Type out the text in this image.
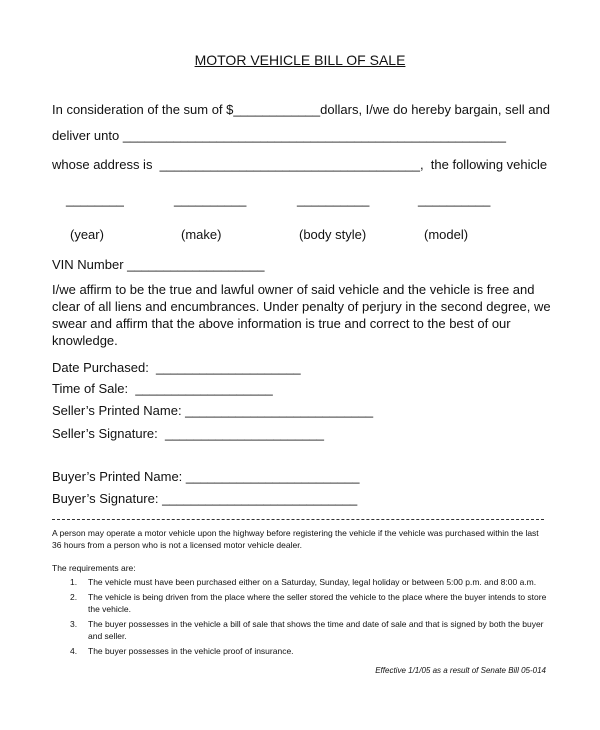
MOTOR VEHICLE BILL OF SALE
In consideration of the sum of $____________dollars, I/we do hereby bargain, sell and
deliver unto _____________________________________________________
whose address is  ____________________________________,  the following vehicle
________	__________	__________	__________
(year)	(make)	(body style)	(model)
VIN Number ___________________
I/we affirm to be the true and lawful owner of said vehicle and the vehicle is free and clear of all liens and encumbrances. Under penalty of perjury in the second degree, we swear and affirm that the above information is true and correct to the best of our knowledge.
Date Purchased:  ____________________
Time of Sale:  ___________________
Seller’s Printed Name: __________________________
Seller’s Signature:  ______________________
Buyer’s Printed Name: ________________________
Buyer’s Signature: ___________________________
A person may operate a motor vehicle upon the highway before registering the vehicle if the vehicle was purchased within the last 36 hours from a person who is not a licensed motor vehicle dealer.
The requirements are:
1. The vehicle must have been purchased either on a Saturday, Sunday, legal holiday or between 5:00 p.m. and 8:00 a.m.
2. The vehicle is being driven from the place where the seller stored the vehicle to the place where the buyer intends to store the vehicle.
3. The buyer possesses in the vehicle a bill of sale that shows the time and date of sale and that is signed by both the buyer and seller.
4. The buyer possesses in the vehicle proof of insurance.
Effective 1/1/05 as a result of Senate Bill 05-014
